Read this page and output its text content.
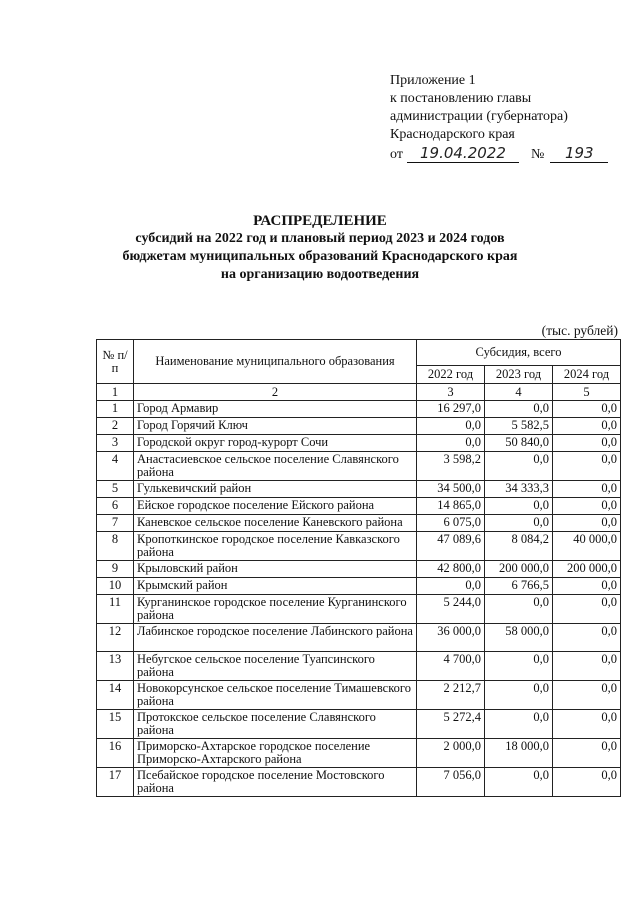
Приложение 1
к постановлению главы
администрации (губернатора)
Краснодарского края
от	19.04.2022	№	193
РАСПРЕДЕЛЕНИЕ
субсидий на 2022 год и плановый период 2023 и 2024 годов
бюджетам муниципальных образований Краснодарского края
на организацию водоотведения
(тыс. рублей)
№ п/п	Наименование муниципального образования	Субсидия, всего		
		2022 год	2023 год	2024 год
1	2	3	4	5
1	Город Армавир	16 297,0	0,0	0,0
2	Город Горячий Ключ	0,0	5 582,5	0,0
3	Городской округ город-курорт Сочи	0,0	50 840,0	0,0
4	Анастасиевское сельское поселение Славянского района	3 598,2	0,0	0,0
5	Гулькевичский район	34 500,0	34 333,3	0,0
6	Ейское городское поселение Ейского района	14 865,0	0,0	0,0
7	Каневское сельское поселение Каневского района	6 075,0	0,0	0,0
8	Кропоткинское городское поселение Кавказского района	47 089,6	8 084,2	40 000,0
9	Крыловский район	42 800,0	200 000,0	200 000,0
10	Крымский район	0,0	6 766,5	0,0
11	Курганинское городское поселение Курганинского района	5 244,0	0,0	0,0
12	Лабинское городское поселение Лабинского района	36 000,0	58 000,0	0,0
13	Небугское сельское поселение Туапсинского района	4 700,0	0,0	0,0
14	Новокорсунское сельское поселение Тимашевского района	2 212,7	0,0	0,0
15	Протокское сельское поселение Славянского района	5 272,4	0,0	0,0
16	Приморско-Ахтарское городское поселение Приморско-Ахтарского района	2 000,0	18 000,0	0,0
17	Псебайское городское поселение Мостовского района	7 056,0	0,0	0,0
